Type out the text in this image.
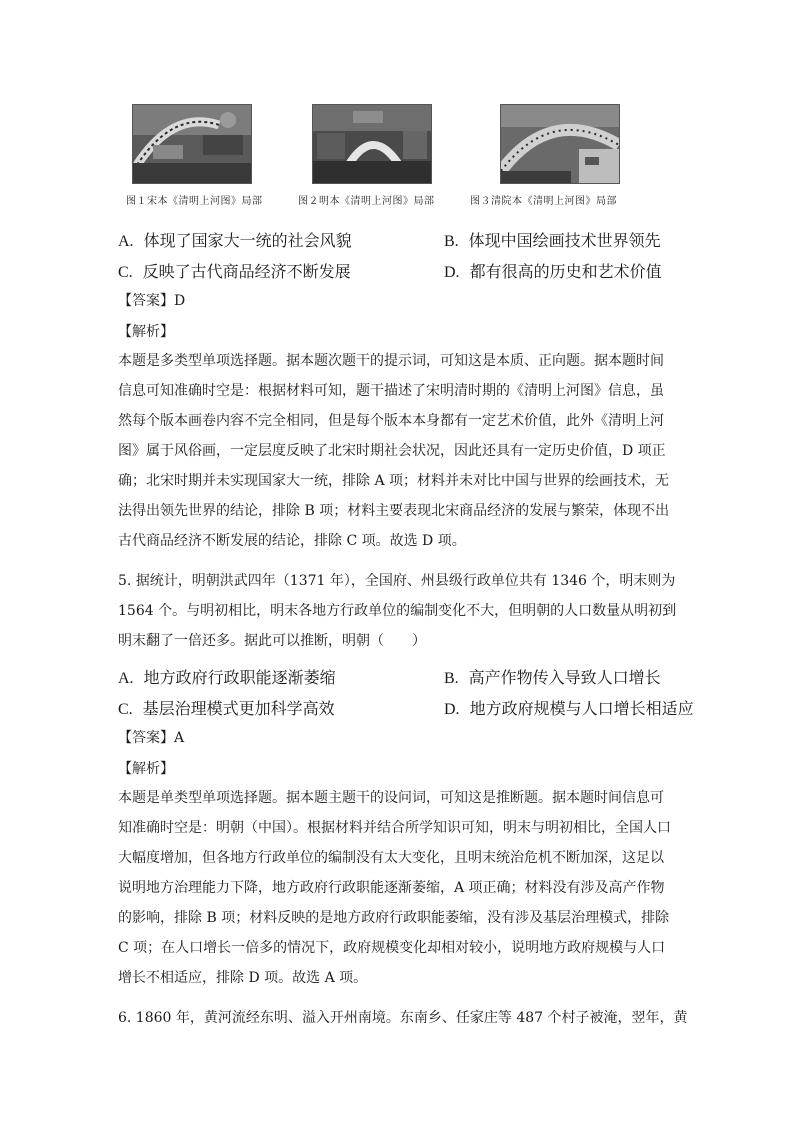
图１宋本《清明上河图》局部	图２明本《清明上河图》局部	图３清院本《清明上河图》局部
A. 体现了国家大一统的社会风貌	B. 体现中国绘画技术世界领先
C. 反映了古代商品经济不断发展	D. 都有很高的历史和艺术价值
【答案】D
【解析】
本题是多类型单项选择题。据本题次题干的提示词，可知这是本质、正向题。据本题时间
信息可知准确时空是：根据材料可知，题干描述了宋明清时期的《清明上河图》信息，虽
然每个版本画卷内容不完全相同，但是每个版本本身都有一定艺术价值，此外《清明上河
图》属于风俗画，一定层度反映了北宋时期社会状况，因此还具有一定历史价值，D 项正
确；北宋时期并未实现国家大一统，排除 A 项；材料并未对比中国与世界的绘画技术，无
法得出领先世界的结论，排除 B 项；材料主要表现北宋商品经济的发展与繁荣，体现不出
古代商品经济不断发展的结论，排除 C 项。故选 D 项。
5. 据统计，明朝洪武四年（1371 年），全国府、州县级行政单位共有 1346 个，明末则为
1564 个。与明初相比，明末各地方行政单位的编制变化不大，但明朝的人口数量从明初到
明末翻了一倍还多。据此可以推断，明朝（　　）
A. 地方政府行政职能逐渐萎缩	B. 高产作物传入导致人口增长
C. 基层治理模式更加科学高效	D. 地方政府规模与人口增长相适应
【答案】A
【解析】
本题是单类型单项选择题。据本题主题干的设问词，可知这是推断题。据本题时间信息可
知准确时空是：明朝（中国）。根据材料并结合所学知识可知，明末与明初相比，全国人口
大幅度增加，但各地方行政单位的编制没有太大变化，且明末统治危机不断加深，这足以
说明地方治理能力下降，地方政府行政职能逐渐萎缩，A 项正确；材料没有涉及高产作物
的影响，排除 B 项；材料反映的是地方政府行政职能萎缩，没有涉及基层治理模式，排除
C 项；在人口增长一倍多的情况下，政府规模变化却相对较小，说明地方政府规模与人口
增长不相适应，排除 D 项。故选 A 项。
6. 1860 年，黄河流经东明、溢入开州南境。东南乡、任家庄等 487 个村子被淹，翌年，黄
